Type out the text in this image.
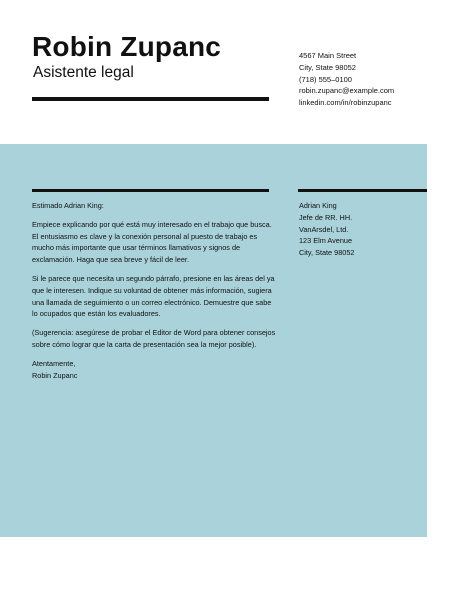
Robin Zupanc
Asistente legal
4567 Main Street
City, State 98052
(718) 555–0100
robin.zupanc@example.com
linkedin.com/in/robinzupanc

Estimado Adrian King:

Empiece explicando por qué está muy interesado en el trabajo que busca. El entusiasmo es clave y la conexión personal al puesto de trabajo es mucho más importante que usar términos llamativos y signos de exclamación. Haga que sea breve y fácil de leer.

Si le parece que necesita un segundo párrafo, presione en las áreas del ya que le interesen. Indique su voluntad de obtener más información, sugiera una llamada de seguimiento o un correo electrónico. Demuestre que sabe lo ocupados que están los evaluadores.

(Sugerencia: asegúrese de probar el Editor de Word para obtener consejos sobre cómo lograr que la carta de presentación sea la mejor posible).

Atentamente,

Robin Zupanc

Adrian King
Jefe de RR. HH.
VanArsdel, Ltd.
123 Elm Avenue
City, State 98052
